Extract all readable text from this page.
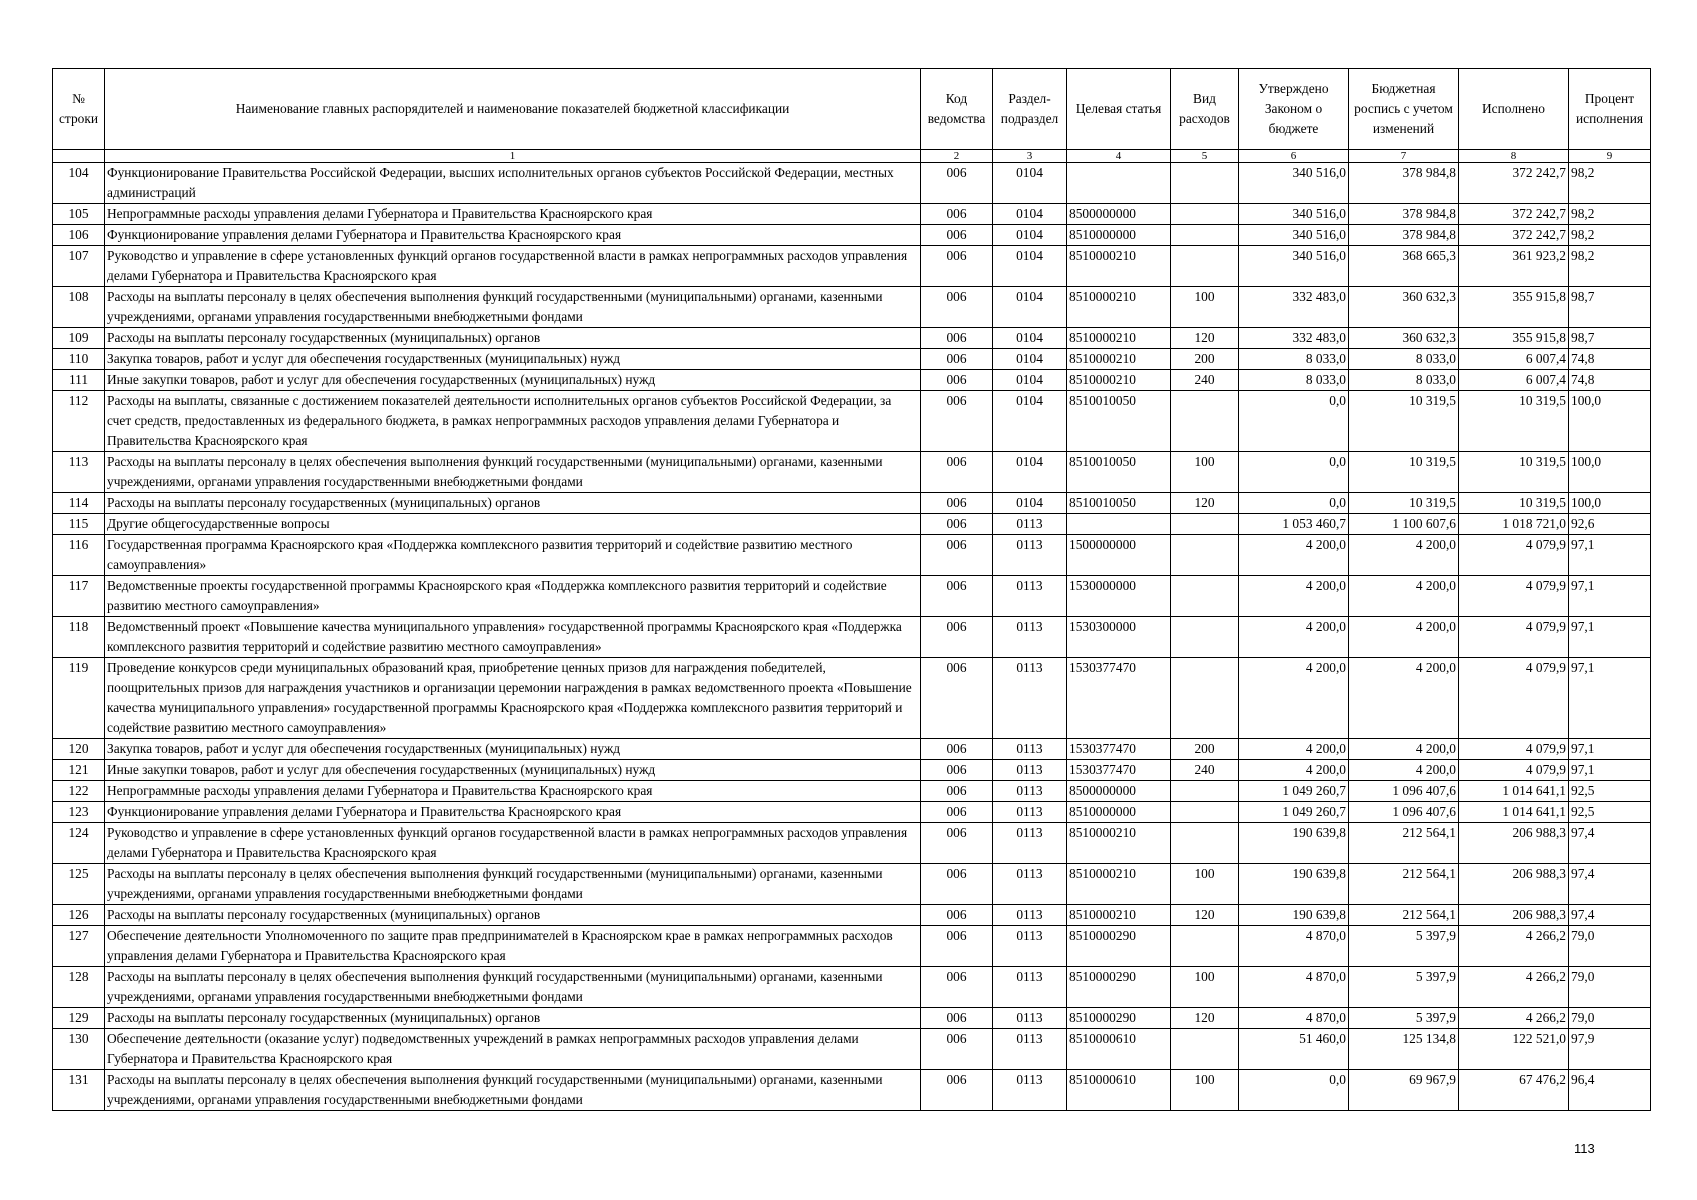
№ строки	Наименование главных распорядителей и наименование показателей бюджетной классификации	Код ведомства	Раздел-подраздел	Целевая статья	Вид расходов	Утверждено Законом о бюджете	Бюджетная роспись с учетом изменений	Исполнено	Процент исполнения
	1	2	3	4	5	6	7	8	9
104	Функционирование Правительства Российской Федерации, высших исполнительных органов субъектов Российской Федерации, местных администраций	006	0104			340 516,0	378 984,8	372 242,7	98,2
105	Непрограммные расходы управления делами Губернатора и Правительства Красноярского края	006	0104	8500000000		340 516,0	378 984,8	372 242,7	98,2
106	Функционирование управления делами Губернатора и Правительства Красноярского края	006	0104	8510000000		340 516,0	378 984,8	372 242,7	98,2
107	Руководство и управление в сфере установленных функций органов государственной власти в рамках непрограммных расходов управления делами Губернатора и Правительства Красноярского края	006	0104	8510000210		340 516,0	368 665,3	361 923,2	98,2
108	Расходы на выплаты персоналу в целях обеспечения выполнения функций государственными (муниципальными) органами, казенными учреждениями, органами управления государственными внебюджетными фондами	006	0104	8510000210	100	332 483,0	360 632,3	355 915,8	98,7
109	Расходы на выплаты персоналу государственных (муниципальных) органов	006	0104	8510000210	120	332 483,0	360 632,3	355 915,8	98,7
110	Закупка товаров, работ и услуг для обеспечения государственных (муниципальных) нужд	006	0104	8510000210	200	8 033,0	8 033,0	6 007,4	74,8
111	Иные закупки товаров, работ и услуг для обеспечения государственных (муниципальных) нужд	006	0104	8510000210	240	8 033,0	8 033,0	6 007,4	74,8
112	Расходы на выплаты, связанные с достижением показателей деятельности исполнительных органов субъектов Российской Федерации, за счет средств, предоставленных из федерального бюджета, в рамках непрограммных расходов управления делами Губернатора и Правительства Красноярского края	006	0104	8510010050		0,0	10 319,5	10 319,5	100,0
113	Расходы на выплаты персоналу в целях обеспечения выполнения функций государственными (муниципальными) органами, казенными учреждениями, органами управления государственными внебюджетными фондами	006	0104	8510010050	100	0,0	10 319,5	10 319,5	100,0
114	Расходы на выплаты персоналу государственных (муниципальных) органов	006	0104	8510010050	120	0,0	10 319,5	10 319,5	100,0
115	Другие общегосударственные вопросы	006	0113			1 053 460,7	1 100 607,6	1 018 721,0	92,6
116	Государственная программа Красноярского края «Поддержка комплексного развития территорий и содействие развитию местного самоуправления»	006	0113	1500000000		4 200,0	4 200,0	4 079,9	97,1
117	Ведомственные проекты государственной программы Красноярского края «Поддержка комплексного развития территорий и содействие развитию местного самоуправления»	006	0113	1530000000		4 200,0	4 200,0	4 079,9	97,1
118	Ведомственный проект «Повышение качества муниципального управления» государственной программы Красноярского края «Поддержка комплексного развития территорий и содействие развитию местного самоуправления»	006	0113	1530300000		4 200,0	4 200,0	4 079,9	97,1
119	Проведение конкурсов среди муниципальных образований края, приобретение ценных призов для награждения победителей, поощрительных призов для награждения участников и организации церемонии награждения в рамках ведомственного проекта «Повышение качества муниципального управления» государственной программы Красноярского края «Поддержка комплексного развития территорий и содействие развитию местного самоуправления»	006	0113	1530377470		4 200,0	4 200,0	4 079,9	97,1
120	Закупка товаров, работ и услуг для обеспечения государственных (муниципальных) нужд	006	0113	1530377470	200	4 200,0	4 200,0	4 079,9	97,1
121	Иные закупки товаров, работ и услуг для обеспечения государственных (муниципальных) нужд	006	0113	1530377470	240	4 200,0	4 200,0	4 079,9	97,1
122	Непрограммные расходы управления делами Губернатора и Правительства Красноярского края	006	0113	8500000000		1 049 260,7	1 096 407,6	1 014 641,1	92,5
123	Функционирование управления делами Губернатора и Правительства Красноярского края	006	0113	8510000000		1 049 260,7	1 096 407,6	1 014 641,1	92,5
124	Руководство и управление в сфере установленных функций органов государственной власти в рамках непрограммных расходов управления делами Губернатора и Правительства Красноярского края	006	0113	8510000210		190 639,8	212 564,1	206 988,3	97,4
125	Расходы на выплаты персоналу в целях обеспечения выполнения функций государственными (муниципальными) органами, казенными учреждениями, органами управления государственными внебюджетными фондами	006	0113	8510000210	100	190 639,8	212 564,1	206 988,3	97,4
126	Расходы на выплаты персоналу государственных (муниципальных) органов	006	0113	8510000210	120	190 639,8	212 564,1	206 988,3	97,4
127	Обеспечение деятельности Уполномоченного по защите прав предпринимателей в Красноярском крае в рамках непрограммных расходов управления делами Губернатора и Правительства Красноярского края	006	0113	8510000290		4 870,0	5 397,9	4 266,2	79,0
128	Расходы на выплаты персоналу в целях обеспечения выполнения функций государственными (муниципальными) органами, казенными учреждениями, органами управления государственными внебюджетными фондами	006	0113	8510000290	100	4 870,0	5 397,9	4 266,2	79,0
129	Расходы на выплаты персоналу государственных (муниципальных) органов	006	0113	8510000290	120	4 870,0	5 397,9	4 266,2	79,0
130	Обеспечение деятельности (оказание услуг) подведомственных учреждений в рамках непрограммных расходов управления делами Губернатора и Правительства Красноярского края	006	0113	8510000610		51 460,0	125 134,8	122 521,0	97,9
131	Расходы на выплаты персоналу в целях обеспечения выполнения функций государственными (муниципальными) органами, казенными учреждениями, органами управления государственными внебюджетными фондами	006	0113	8510000610	100	0,0	69 967,9	67 476,2	96,4
113
